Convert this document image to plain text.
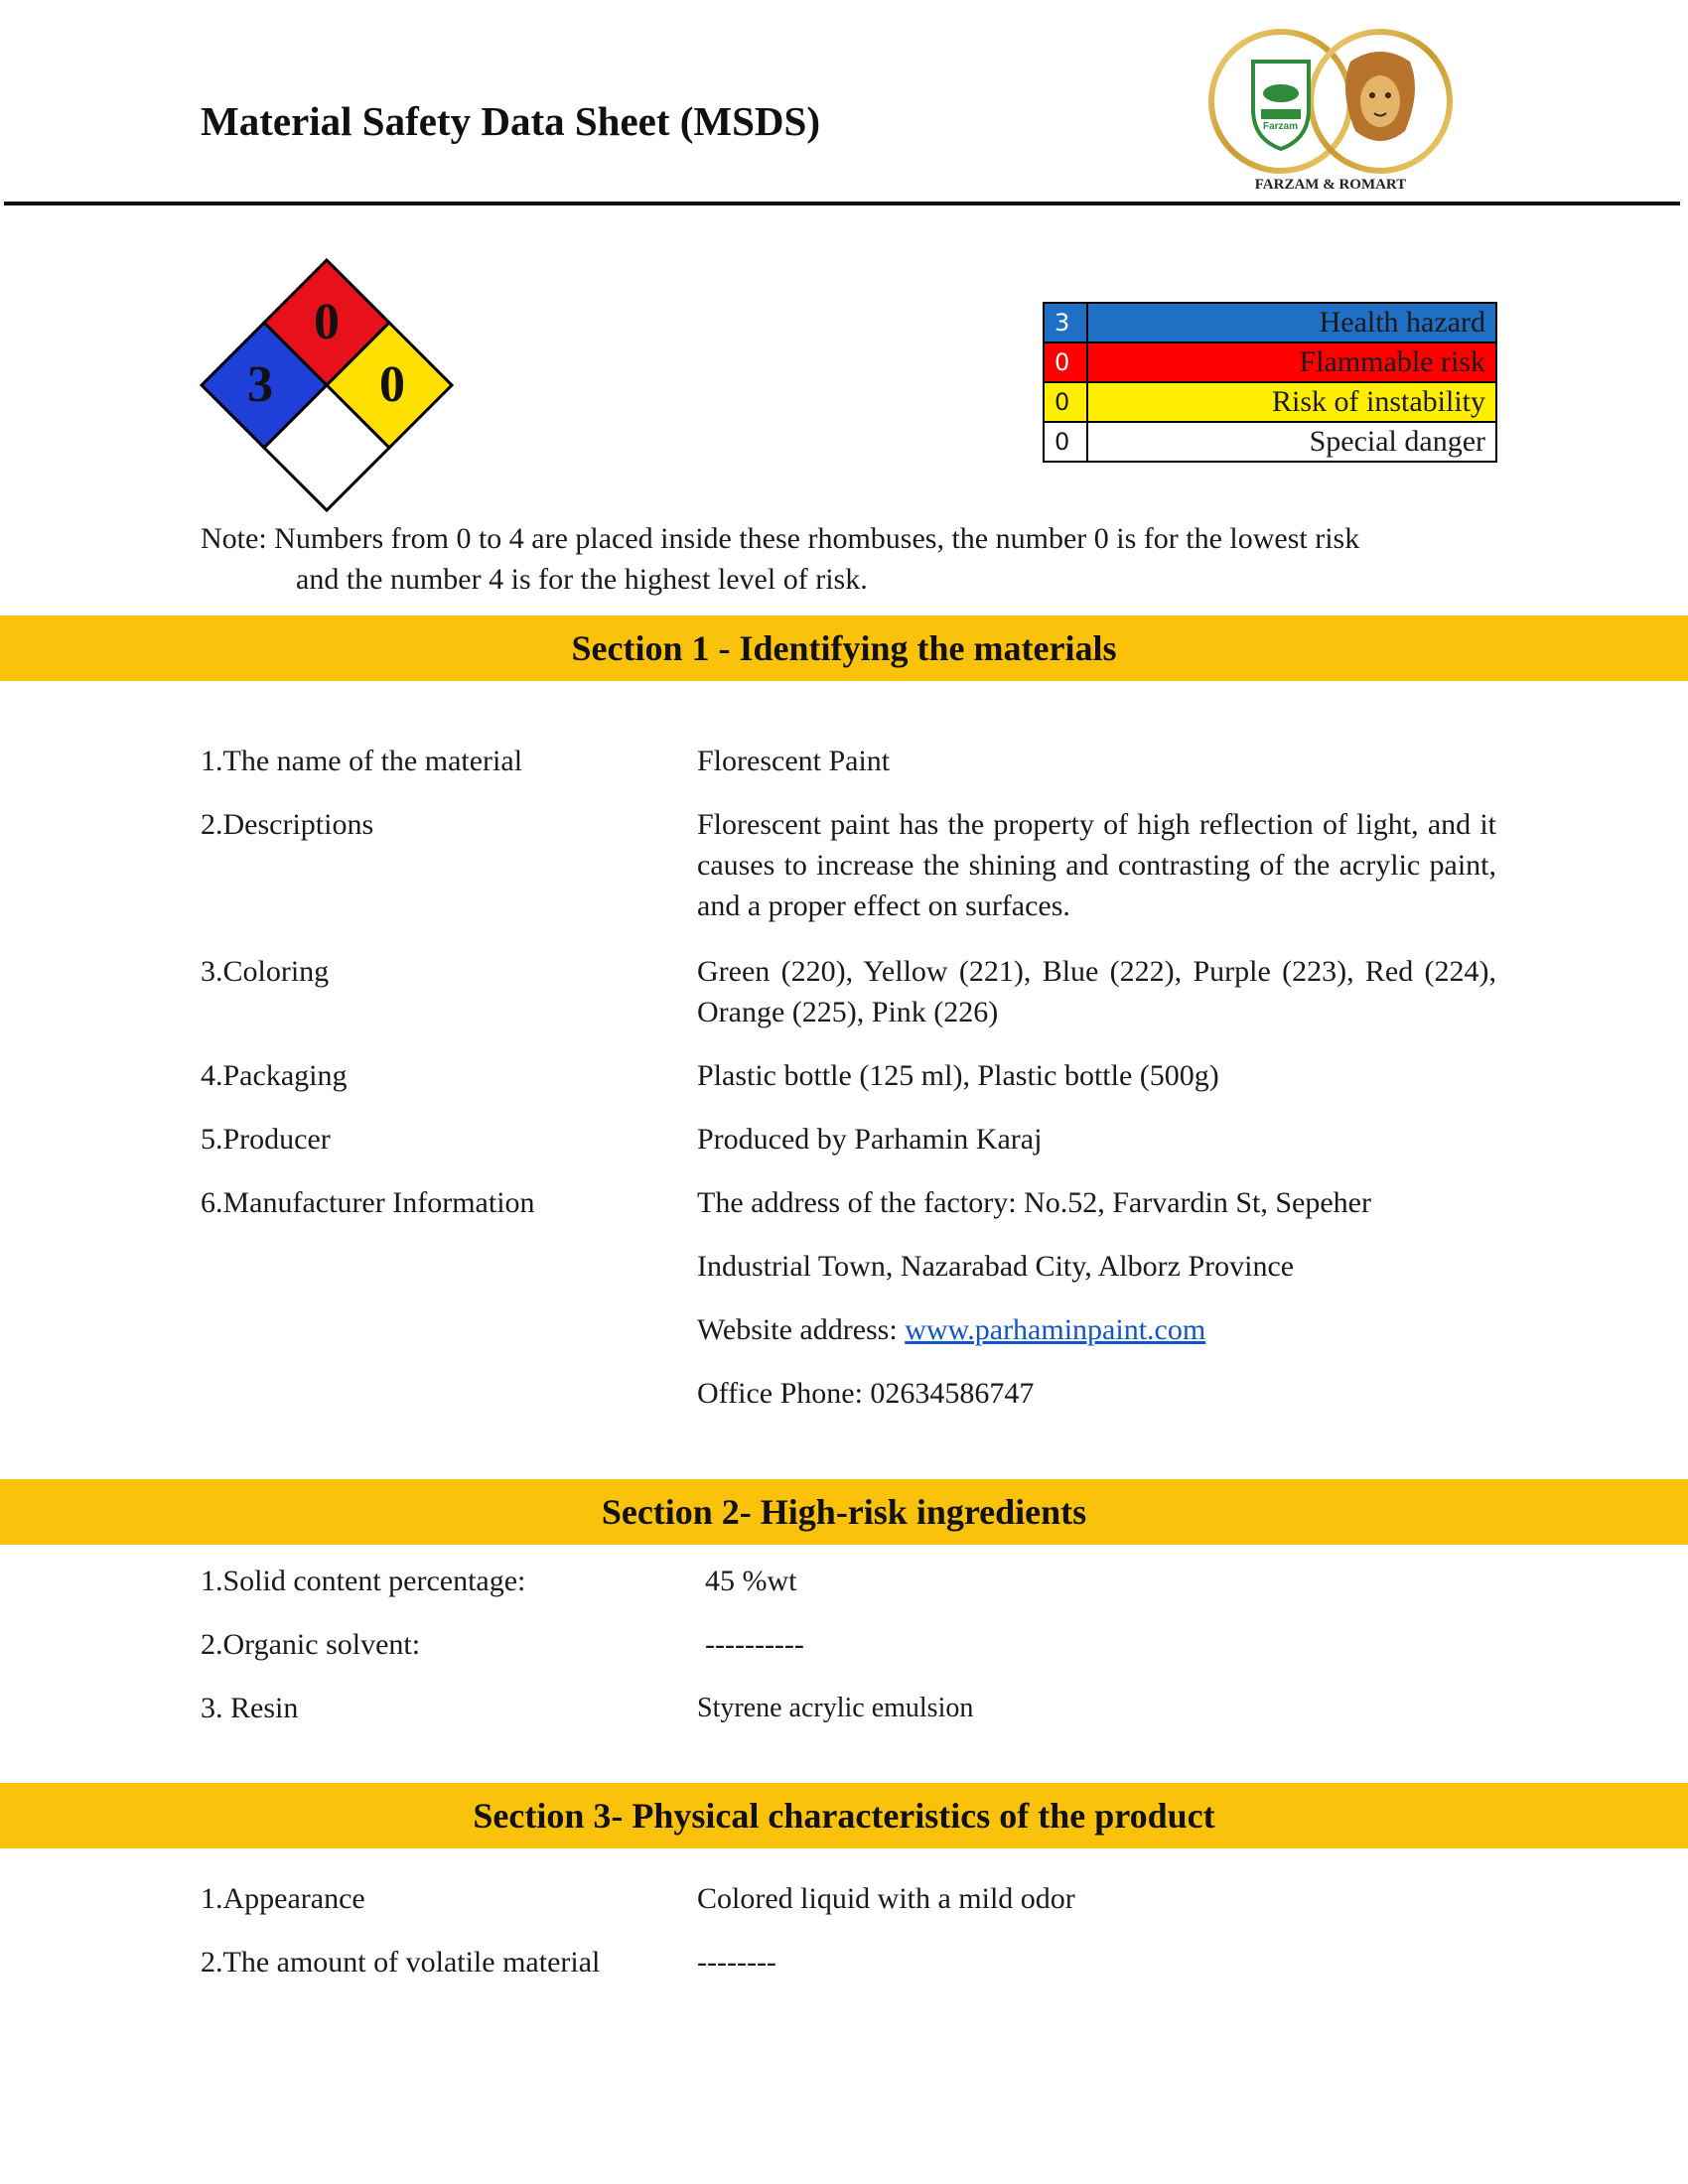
Material Safety Data Sheet (MSDS)	Farzam
FARZAM & ROMART
0
3 0
3	Health hazard
0	Flammable risk
0	Risk of instability
0	Special danger
Note: Numbers from 0 to 4 are placed inside these rhombuses, the number 0 is for the lowest risk
and the number 4 is for the highest level of risk.
Section 1 - Identifying the materials
1.The name of the material	Florescent Paint
2.Descriptions	Florescent paint has the property of high reflection of light, and it causes to increase the shining and contrasting of the acrylic paint, and a proper effect on surfaces.
3.Coloring	Green (220), Yellow (221), Blue (222), Purple (223), Red (224), Orange (225), Pink (226)
4.Packaging	Plastic bottle (125 ml), Plastic bottle (500g)
5.Producer	Produced by Parhamin Karaj
6.Manufacturer Information	The address of the factory: No.52, Farvardin St, Sepeher
Industrial Town, Nazarabad City, Alborz Province
Website address: www.parhaminpaint.com
Office Phone: 02634586747
Section 2- High-risk ingredients
1.Solid content percentage:	45 %wt
2.Organic solvent:	----------
3. Resin	Styrene acrylic emulsion
Section 3- Physical characteristics of the product
1.Appearance	Colored liquid with a mild odor
2.The amount of volatile material	--------
